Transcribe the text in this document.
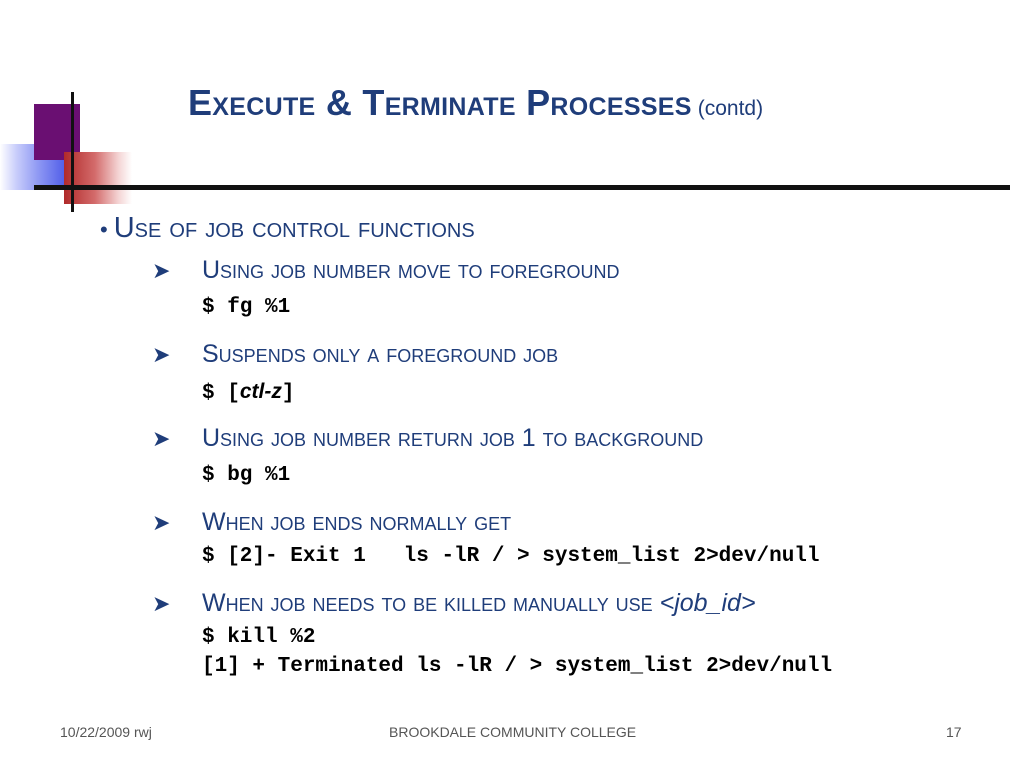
Execute & Terminate Processes (contd)
• Use of job control functions
➤ Using job number move to foreground
$ fg %1
➤ Suspends only a foreground job
$ [ctl-z]
➤ Using job number return job 1 to background
$ bg %1
➤ When job ends normally get
$ [2]- Exit 1   ls -lR / > system_list 2>dev/null
➤ When job needs to be killed manually use <job_id>
$ kill %2
[1] + Terminated ls -lR / > system_list 2>dev/null
10/22/2009 rwj	BROOKDALE COMMUNITY COLLEGE	17
